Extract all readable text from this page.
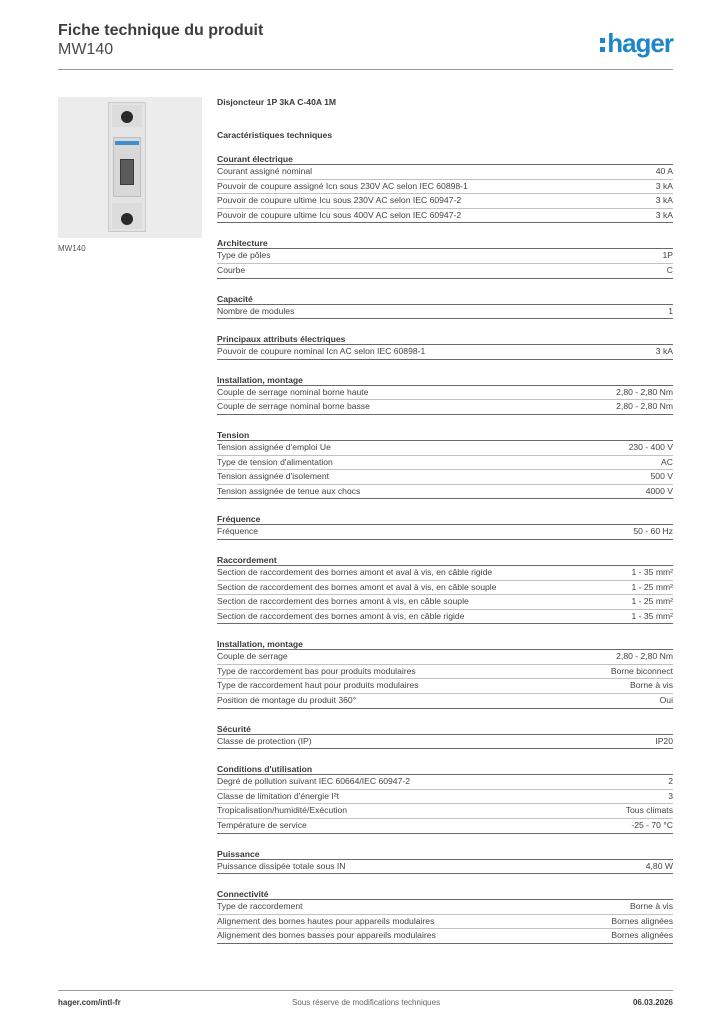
Fiche technique du produit
MW140	hager
MW140
Disjoncteur 1P 3kA C-40A 1M
Caractéristiques techniques
Courant électrique
Courant assigné nominal	40 A
Pouvoir de coupure assigné Icn sous 230V AC selon IEC 60898-1	3 kA
Pouvoir de coupure ultime Icu sous 230V AC selon IEC 60947-2	3 kA
Pouvoir de coupure ultime Icu sous 400V AC selon IEC 60947-2	3 kA
Architecture
Type de pôles	1P
Courbe	C
Capacité
Nombre de modules	1
Principaux attributs électriques
Pouvoir de coupure nominal Icn AC selon IEC 60898-1	3 kA
Installation, montage
Couple de serrage nominal borne haute	2,80 - 2,80 Nm
Couple de serrage nominal borne basse	2,80 - 2,80 Nm
Tension
Tension assignée d'emploi Ue	230 - 400 V
Type de tension d'alimentation	AC
Tension assignée d'isolement	500 V
Tension assignée de tenue aux chocs	4000 V
Fréquence
Fréquence	50 - 60 Hz
Raccordement
Section de raccordement des bornes amont et aval à vis, en câble rigide	1 - 35 mm²
Section de raccordement des bornes amont et aval à vis, en câble souple	1 - 25 mm²
Section de raccordement des bornes amont à vis, en câble souple	1 - 25 mm²
Section de raccordement des bornes amont à vis, en câble rigide	1 - 35 mm²
Installation, montage
Couple de serrage	2,80 - 2,80 Nm
Type de raccordement bas pour produits modulaires	Borne biconnect
Type de raccordement haut pour produits modulaires	Borne à vis
Position de montage du produit 360°	Oui
Sécurité
Classe de protection (IP)	IP20
Conditions d'utilisation
Degré de pollution suivant IEC 60664/IEC 60947-2	2
Classe de limitation d'énergie I²t	3
Tropicalisation/humidité/Exécution	Tous climats
Température de service	-25 - 70 °C
Puissance
Puissance dissipée totale sous IN	4,80 W
Connectivité
Type de raccordement	Borne à vis
Alignement des bornes hautes pour appareils modulaires	Bornes alignées
Alignement des bornes basses pour appareils modulaires	Bornes alignées
hager.com/intl-fr	Sous réserve de modifications techniques	06.03.2026
